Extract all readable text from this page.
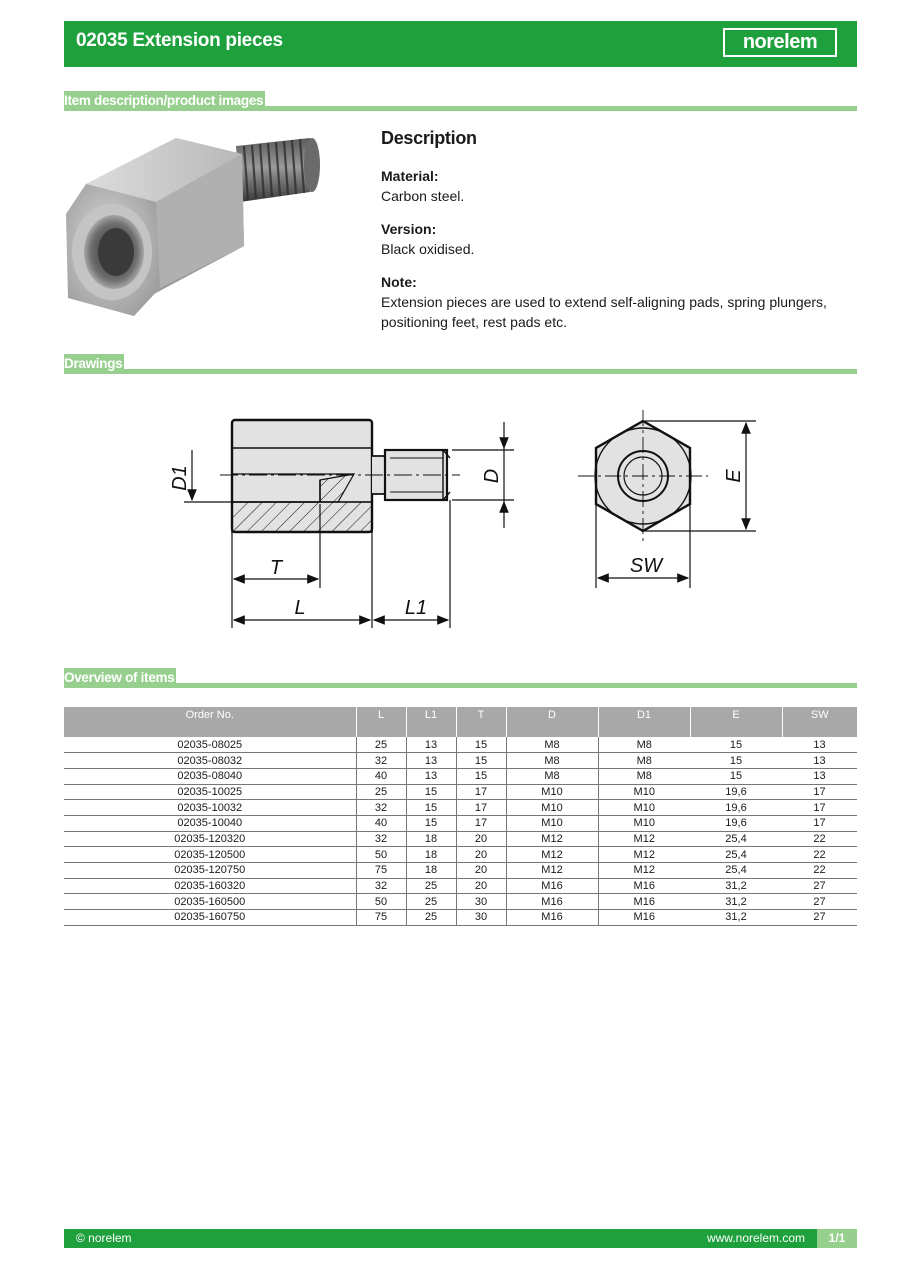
02035 Extension pieces	norelem
Item description/product images
Description
Material:
Carbon steel.
Version:
Black oxidised.
Note:
Extension pieces are used to extend self-aligning pads, spring plungers, positioning feet, rest pads etc.
Drawings
D1	D
T
L	L1
E
SW
Overview of items
Order No.	L	L1	T	D	D1	E	SW
02035-08025	25	13	15	M8	M8	15	13
02035-08032	32	13	15	M8	M8	15	13
02035-08040	40	13	15	M8	M8	15	13
02035-10025	25	15	17	M10	M10	19,6	17
02035-10032	32	15	17	M10	M10	19,6	17
02035-10040	40	15	17	M10	M10	19,6	17
02035-120320	32	18	20	M12	M12	25,4	22
02035-120500	50	18	20	M12	M12	25,4	22
02035-120750	75	18	20	M12	M12	25,4	22
02035-160320	32	25	20	M16	M16	31,2	27
02035-160500	50	25	30	M16	M16	31,2	27
02035-160750	75	25	30	M16	M16	31,2	27
© norelem	www.norelem.com	1/1
